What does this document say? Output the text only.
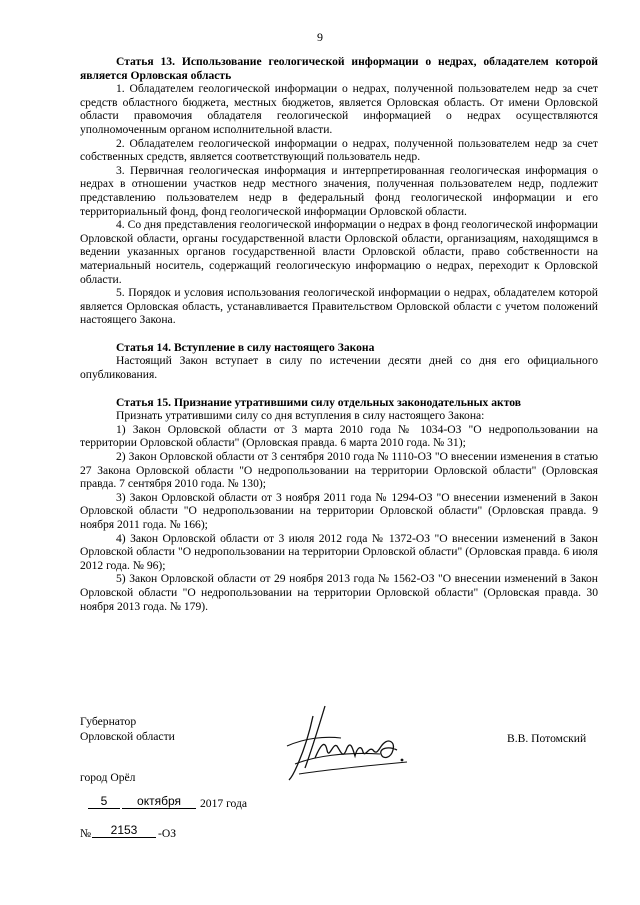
9

Статья 13. Использование геологической информации о недрах, обладателем которой является Орловская область

1. Обладателем геологической информации о недрах, полученной пользователем недр за счет средств областного бюджета, местных бюджетов, является Орловская область. От имени Орловской области правомочия обладателя геологической информацией о недрах осуществляются уполномоченным органом исполнительной власти.

2. Обладателем геологической информации о недрах, полученной пользователем недр за счет собственных средств, является соответствующий пользователь недр.

3. Первичная геологическая информация и интерпретированная геологическая информация о недрах в отношении участков недр местного значения, полученная пользователем недр, подлежит представлению пользователем недр в федеральный фонд геологической информации и его территориальный фонд, фонд геологической информации Орловской области.

4. Со дня представления геологической информации о недрах в фонд геологической информации Орловской области, органы государственной власти Орловской области, организациям, находящимся в ведении указанных органов государственной власти Орловской области, право собственности на материальный носитель, содержащий геологическую информацию о недрах, переходит к Орловской области.

5. Порядок и условия использования геологической информации о недрах, обладателем которой является Орловская область, устанавливается Правительством Орловской области с учетом положений настоящего Закона.

Статья 14. Вступление в силу настоящего Закона

Настоящий Закон вступает в силу по истечении десяти дней со дня его официального опубликования.

Статья 15. Признание утратившими силу отдельных законодательных актов

Признать утратившими силу со дня вступления в силу настоящего Закона:

1) Закон Орловской области от 3 марта 2010 года № 1034-ОЗ "О недропользовании на территории Орловской области" (Орловская правда. 6 марта 2010 года. № 31);

2) Закон Орловской области от 3 сентября 2010 года № 1110-ОЗ "О внесении изменения в статью 27 Закона Орловской области "О недропользовании на территории Орловской области" (Орловская правда. 7 сентября 2010 года. № 130);

3) Закон Орловской области от 3 ноября 2011 года № 1294-ОЗ "О внесении изменений в Закон Орловской области "О недропользовании на территории Орловской области" (Орловская правда. 9 ноября 2011 года. № 166);

4) Закон Орловской области от 3 июля 2012 года № 1372-ОЗ "О внесении изменений в Закон Орловской области "О недропользовании на территории Орловской области" (Орловская правда. 6 июля 2012 года. № 96);

5) Закон Орловской области от 29 ноября 2013 года № 1562-ОЗ "О внесении изменений в Закон Орловской области "О недропользовании на территории Орловской области" (Орловская правда. 30 ноября 2013 года. № 179).

Губернатор
Орловской области	В.В. Потомский
город Орёл
5	октября	2017 года
№	2153	-ОЗ
